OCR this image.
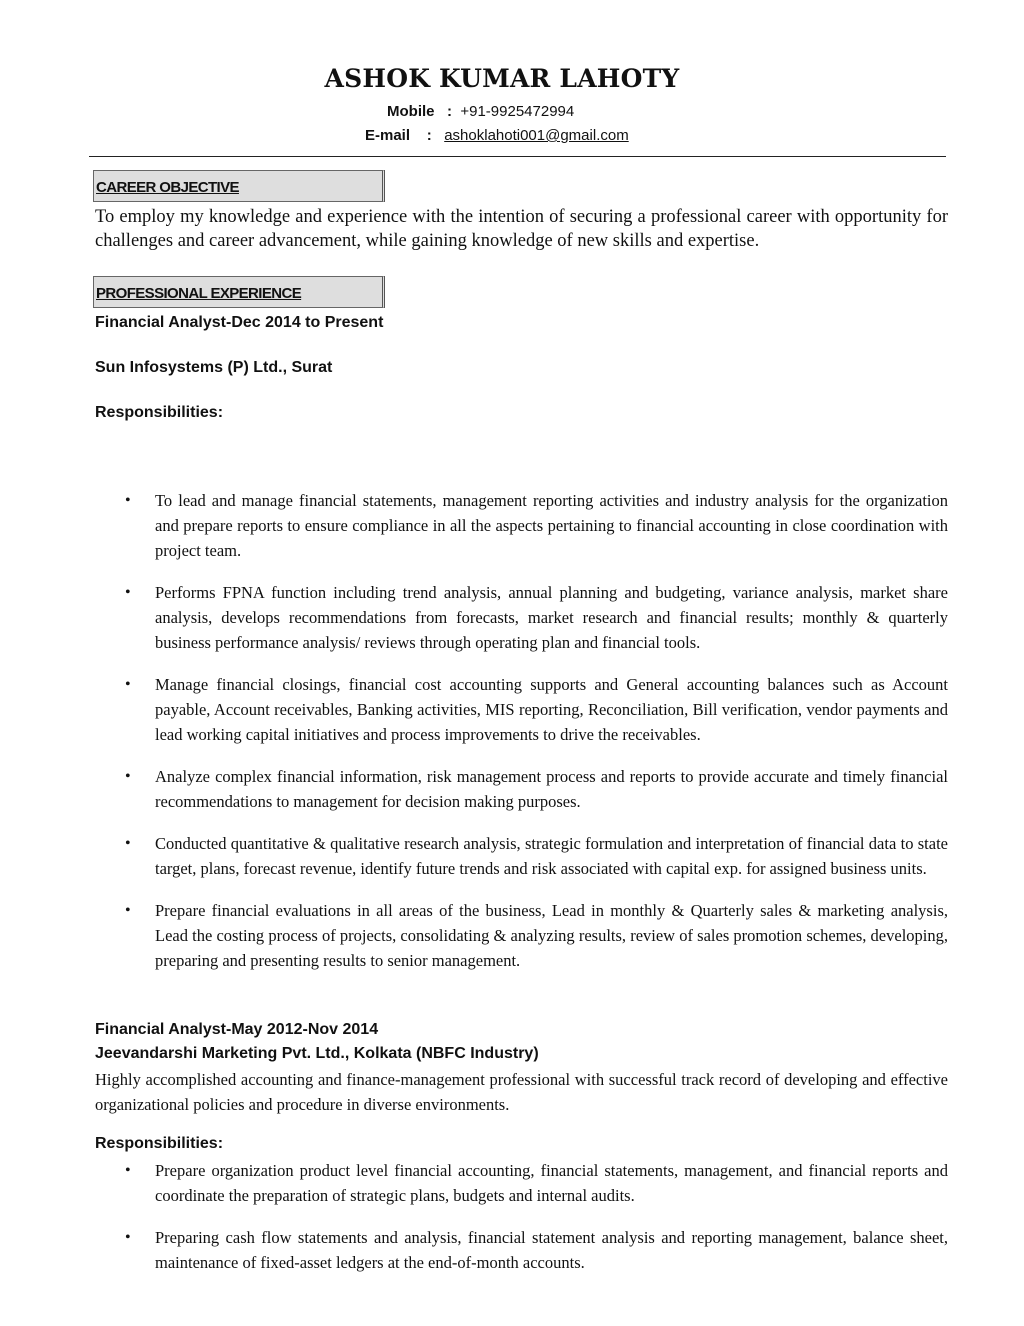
ASHOK KUMAR LAHOTY
Mobile : +91-9925472994
E-mail : ashoklahoti001@gmail.com
CAREER OBJECTIVE
To employ my knowledge and experience with the intention of securing a professional career with opportunity for challenges and career advancement, while gaining knowledge of new skills and expertise.
PROFESSIONAL EXPERIENCE
Financial Analyst-Dec 2014 to Present
Sun Infosystems (P) Ltd., Surat
Responsibilities:
• To lead and manage financial statements, management reporting activities and industry analysis for the organization and prepare reports to ensure compliance in all the aspects pertaining to financial accounting in close coordination with project team.
• Performs FPNA function including trend analysis, annual planning and budgeting, variance analysis, market share analysis, develops recommendations from forecasts, market research and financial results; monthly & quarterly business performance analysis/ reviews through operating plan and financial tools.
• Manage financial closings, financial cost accounting supports and General accounting balances such as Account payable, Account receivables, Banking activities, MIS reporting, Reconciliation, Bill verification, vendor payments and lead working capital initiatives and process improvements to drive the receivables.
• Analyze complex financial information, risk management process and reports to provide accurate and timely financial recommendations to management for decision making purposes.
• Conducted quantitative & qualitative research analysis, strategic formulation and interpretation of financial data to state target, plans, forecast revenue, identify future trends and risk associated with capital exp. for assigned business units.
• Prepare financial evaluations in all areas of the business, Lead in monthly & Quarterly sales & marketing analysis, Lead the costing process of projects, consolidating & analyzing results, review of sales promotion schemes, developing, preparing and presenting results to senior management.
Financial Analyst-May 2012-Nov 2014
Jeevandarshi Marketing Pvt. Ltd., Kolkata (NBFC Industry)
Highly accomplished accounting and finance-management professional with successful track record of developing and effective organizational policies and procedure in diverse environments.
Responsibilities:
• Prepare organization product level financial accounting, financial statements, management, and financial reports and coordinate the preparation of strategic plans, budgets and internal audits.
• Preparing cash flow statements and analysis, financial statement analysis and reporting management, balance sheet, maintenance of fixed-asset ledgers at the end-of-month accounts.
